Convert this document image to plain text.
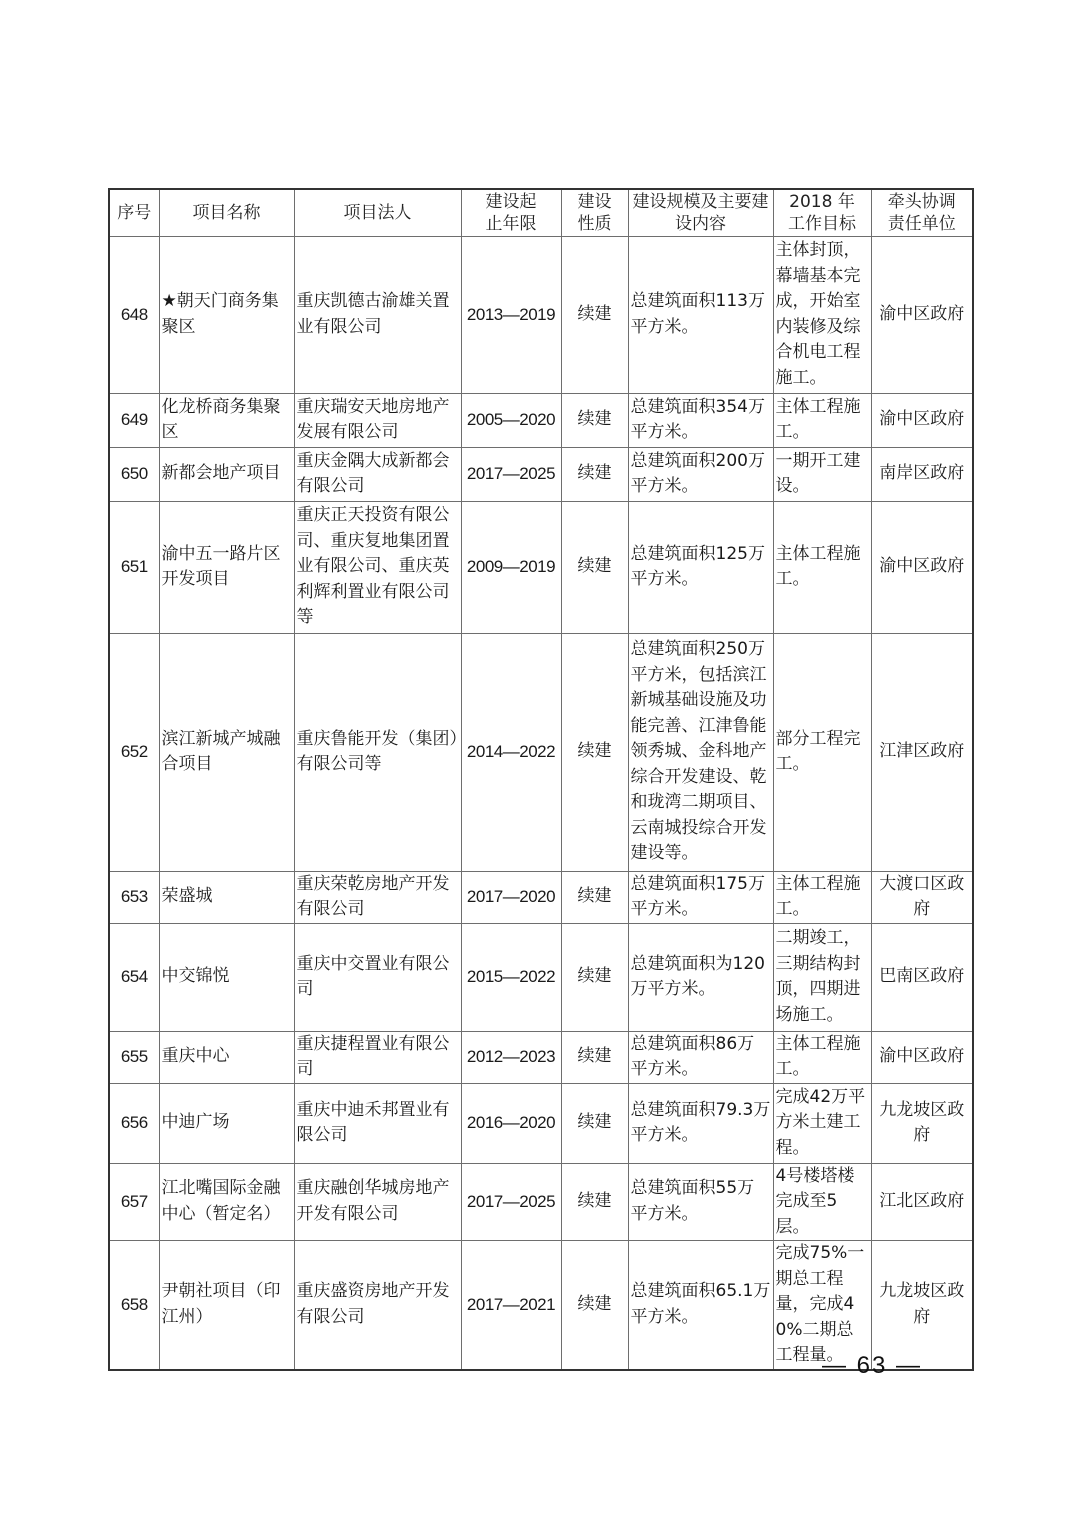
序号	项目名称	项目法人	建设起止年限	建设性质	建设规模及主要建设内容	2018 年工作目标	牵头协调责任单位
648	★朝天门商务集聚区	重庆凯德古渝雄关置业有限公司	2013—2019	续建	总建筑面积113万平方米。	主体封顶，幕墙基本完成，开始室内装修及综合机电工程施工。	渝中区政府
649	化龙桥商务集聚区	重庆瑞安天地房地产发展有限公司	2005—2020	续建	总建筑面积354万平方米。	主体工程施工。	渝中区政府
650	新都会地产项目	重庆金隅大成新都会有限公司	2017—2025	续建	总建筑面积200万平方米。	一期开工建设。	南岸区政府
651	渝中五一路片区开发项目	重庆正天投资有限公司、重庆复地集团置业有限公司、重庆英利辉利置业有限公司等	2009—2019	续建	总建筑面积125万平方米。	主体工程施工。	渝中区政府
652	滨江新城产城融合项目	重庆鲁能开发（集团）有限公司等	2014—2022	续建	总建筑面积250万平方米，包括滨江新城基础设施及功能完善、江津鲁能领秀城、金科地产综合开发建设、乾和珑湾二期项目、云南城投综合开发建设等。	部分工程完工。	江津区政府
653	荣盛城	重庆荣乾房地产开发有限公司	2017—2020	续建	总建筑面积175万平方米。	主体工程施工。	大渡口区政府
654	中交锦悦	重庆中交置业有限公司	2015—2022	续建	总建筑面积为120万平方米。	二期竣工，三期结构封顶，四期进场施工。	巴南区政府
655	重庆中心	重庆捷程置业有限公司	2012—2023	续建	总建筑面积86万平方米。	主体工程施工。	渝中区政府
656	中迪广场	重庆中迪禾邦置业有限公司	2016—2020	续建	总建筑面积79.3万平方米。	完成42万平方米土建工程。	九龙坡区政府
657	江北嘴国际金融中心（暂定名）	重庆融创华城房地产开发有限公司	2017—2025	续建	总建筑面积55万平方米。	4号楼塔楼完成至5层。	江北区政府
658	尹朝社项目（印江州）	重庆盛资房地产开发有限公司	2017—2021	续建	总建筑面积65.1万平方米。	完成75%一期总工程量，完成40%二期总工程量。	九龙坡区政府
— 63 —
